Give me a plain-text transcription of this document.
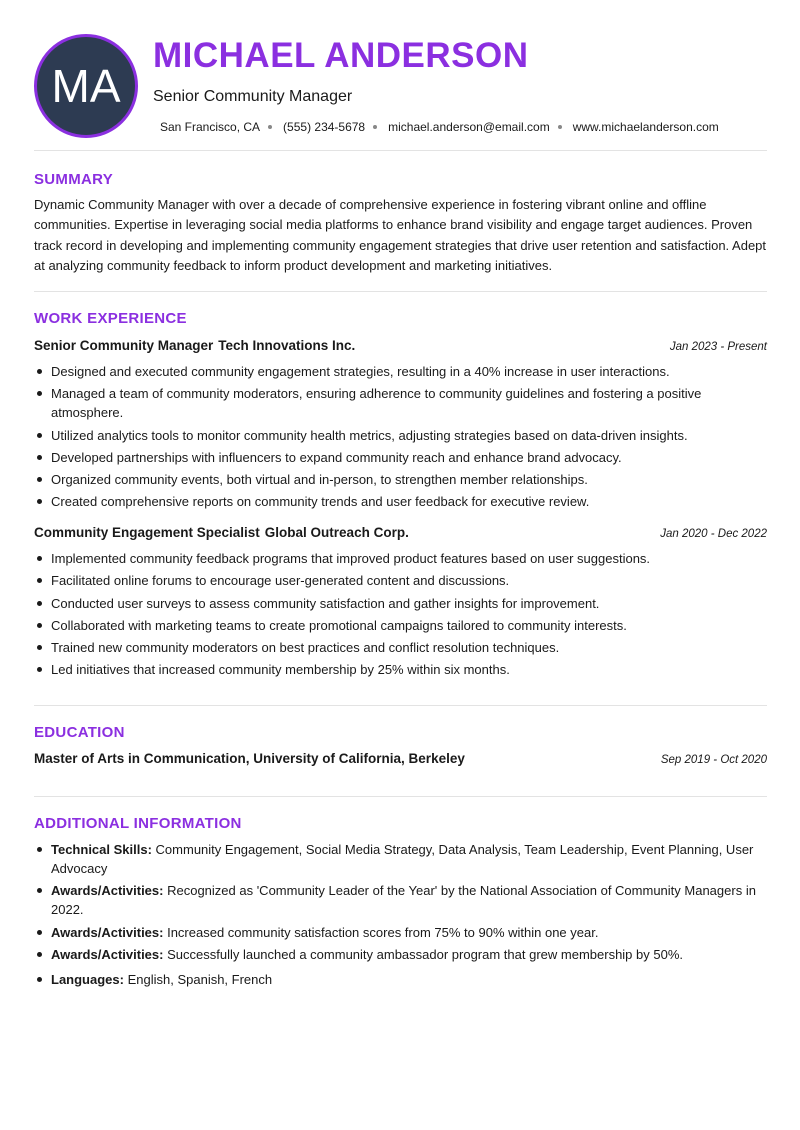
MA
MICHAEL ANDERSON
Senior Community Manager
San Francisco, CA (555) 234-5678 michael.anderson@email.com www.michaelanderson.com
SUMMARY
Dynamic Community Manager with over a decade of comprehensive experience in fostering vibrant online and offline communities. Expertise in leveraging social media platforms to enhance brand visibility and engage target audiences. Proven track record in developing and implementing community engagement strategies that drive user retention and satisfaction. Adept at analyzing community feedback to inform product development and marketing initiatives.
WORK EXPERIENCE
Senior Community Manager Tech Innovations Inc.	Jan 2023 - Present
Designed and executed community engagement strategies, resulting in a 40% increase in user interactions.
Managed a team of community moderators, ensuring adherence to community guidelines and fostering a positive atmosphere.
Utilized analytics tools to monitor community health metrics, adjusting strategies based on data-driven insights.
Developed partnerships with influencers to expand community reach and enhance brand advocacy.
Organized community events, both virtual and in-person, to strengthen member relationships.
Created comprehensive reports on community trends and user feedback for executive review.
Community Engagement Specialist Global Outreach Corp.	Jan 2020 - Dec 2022
Implemented community feedback programs that improved product features based on user suggestions.
Facilitated online forums to encourage user-generated content and discussions.
Conducted user surveys to assess community satisfaction and gather insights for improvement.
Collaborated with marketing teams to create promotional campaigns tailored to community interests.
Trained new community moderators on best practices and conflict resolution techniques.
Led initiatives that increased community membership by 25% within six months.
EDUCATION
Master of Arts in Communication, University of California, Berkeley	Sep 2019 - Oct 2020
ADDITIONAL INFORMATION
Technical Skills: Community Engagement, Social Media Strategy, Data Analysis, Team Leadership, Event Planning, User Advocacy
Awards/Activities: Recognized as 'Community Leader of the Year' by the National Association of Community Managers in 2022.
Awards/Activities: Increased community satisfaction scores from 75% to 90% within one year.
Awards/Activities: Successfully launched a community ambassador program that grew membership by 50%.
Languages: English, Spanish, French
